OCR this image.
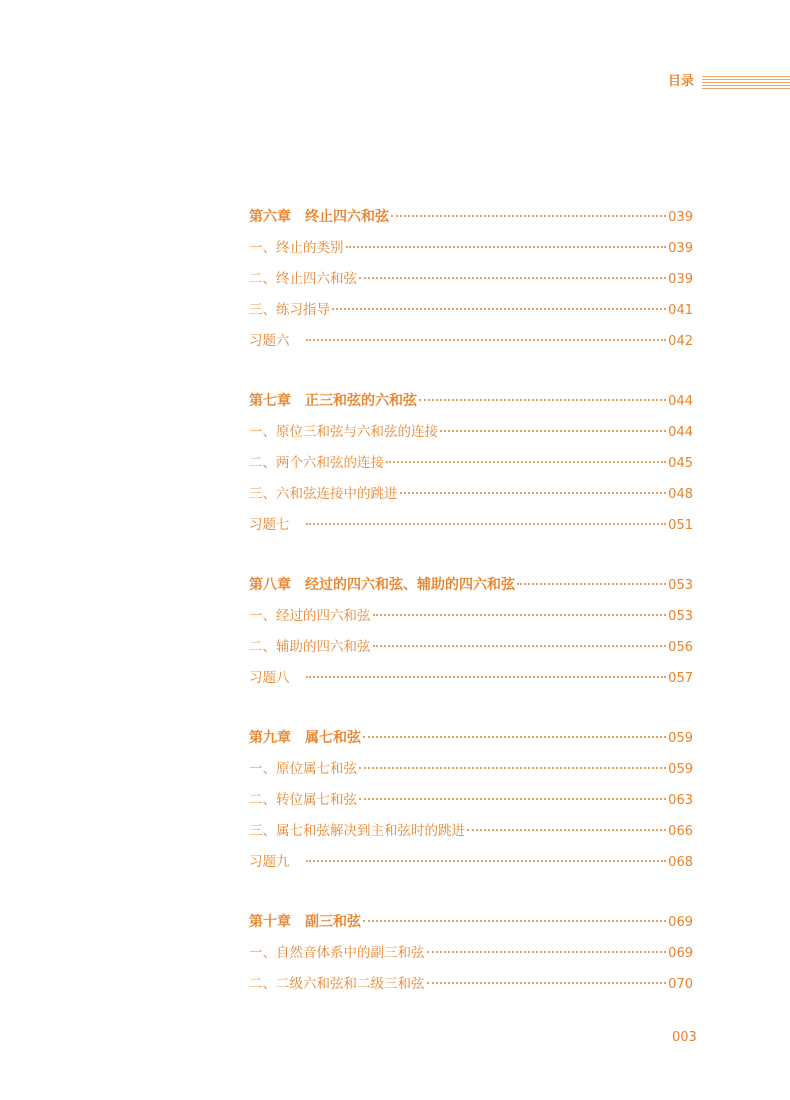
目录
第六章 终止四六和弦	039
一、终止的类别	039
二、终止四六和弦	039
三、练习指导	041
习题六	042
第七章 正三和弦的六和弦	044
一、原位三和弦与六和弦的连接	044
二、两个六和弦的连接	045
三、六和弦连接中的跳进	048
习题七	051
第八章 经过的四六和弦、辅助的四六和弦	053
一、经过的四六和弦	053
二、辅助的四六和弦	056
习题八	057
第九章 属七和弦	059
一、原位属七和弦	059
二、转位属七和弦	063
三、属七和弦解决到主和弦时的跳进	066
习题九	068
第十章 副三和弦	069
一、自然音体系中的副三和弦	069
二、二级六和弦和二级三和弦	070
003
